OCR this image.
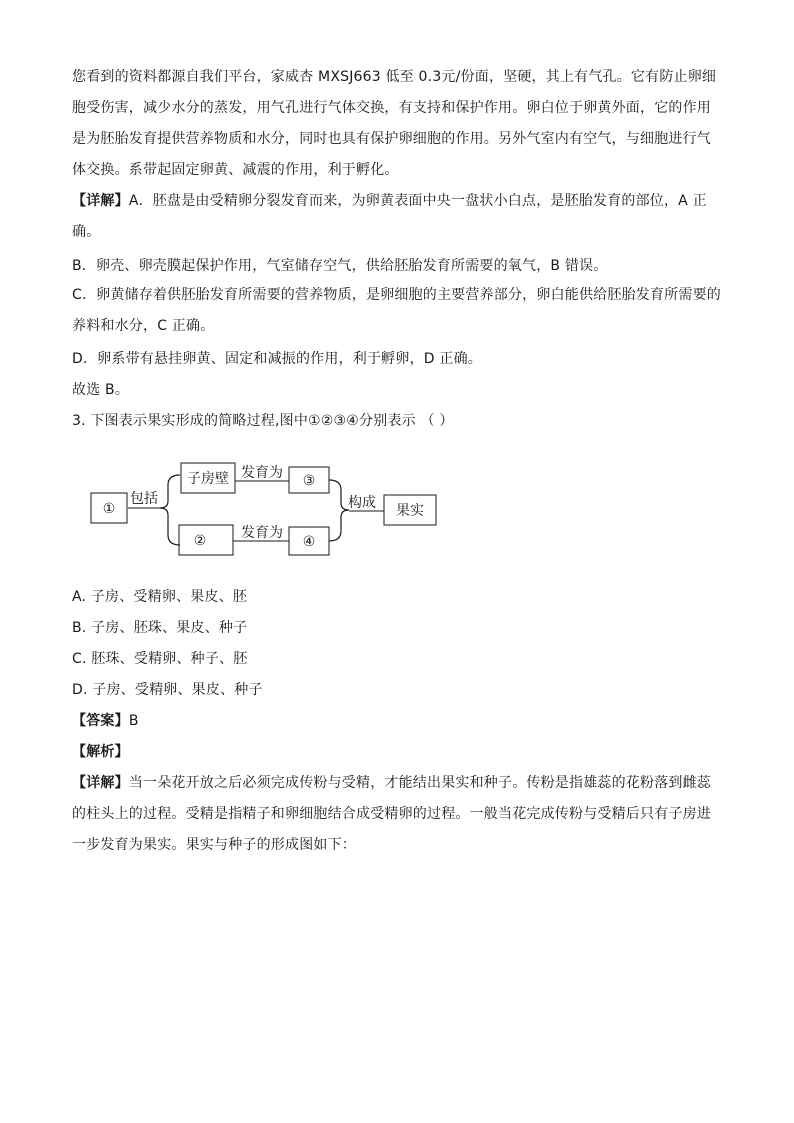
您看到的资料都源自我们平台，家威杏 MXSJ663 低至 0.3元/份面，坚硬，其上有气孔。它有防止卵细胞受伤害，减少水分的蒸发，用气孔进行气体交换，有支持和保护作用。卵白位于卵黄外面，它的作用是为胚胎发育提供营养物质和水分，同时也具有保护卵细胞的作用。另外气室内有空气，与细胞进行气体交换。系带起固定卵黄、减震的作用，利于孵化。

【详解】A．胚盘是由受精卵分裂发育而来，为卵黄表面中央一盘状小白点，是胚胎发育的部位，A 正确。

B．卵壳、卵壳膜起保护作用，气室储存空气，供给胚胎发育所需要的氧气，B 错误。

C．卵黄储存着供胚胎发育所需要的营养物质，是卵细胞的主要营养部分，卵白能供给胚胎发育所需要的养料和水分，C 正确。

D．卵系带有悬挂卵黄、固定和减振的作用，利于孵卵，D 正确。

故选 B。

3. 下图表示果实形成的简略过程,图中①②③④分别表示 （ ）

①
包括
子房壁 发育为 ③
② 发育为
④
构成 果实

A. 子房、受精卵、果皮、胚

B. 子房、胚珠、果皮、种子

C. 胚珠、受精卵、种子、胚

D. 子房、受精卵、果皮、种子

【答案】B

【解析】

【详解】当一朵花开放之后必须完成传粉与受精，才能结出果实和种子。传粉是指雄蕊的花粉落到雌蕊的柱头上的过程。受精是指精子和卵细胞结合成受精卵的过程。一般当花完成传粉与受精后只有子房进一步发育为果实。果实与种子的形成图如下：
